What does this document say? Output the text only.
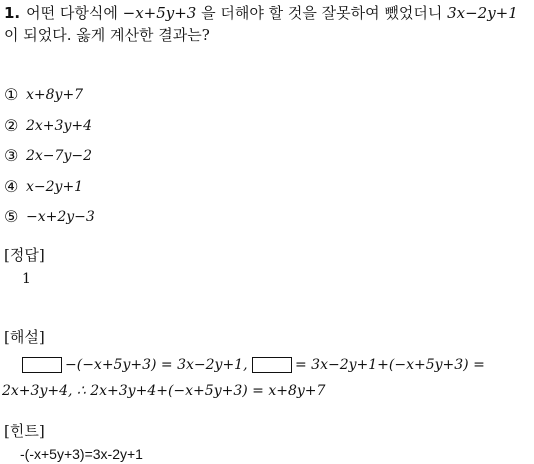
1. 어떤 다항식에 −x+5y+3 을 더해야 할 것을 잘못하여 뺐었더니 3x−2y+1
이 되었다. 옳게 계산한 결과는?
① x+8y+7
② 2x+3y+4
③ 2x−7y−2
④ x−2y+1
⑤ −x+2y−3
[정답]
1
[해설]
−(−x+5y+3) = 3x−2y+1,	= 3x−2y+1+(−x+5y+3) =
2x+3y+4, ∴ 2x+3y+4+(−x+5y+3) = x+8y+7
[힌트]
-(-x+5y+3)=3x-2y+1
